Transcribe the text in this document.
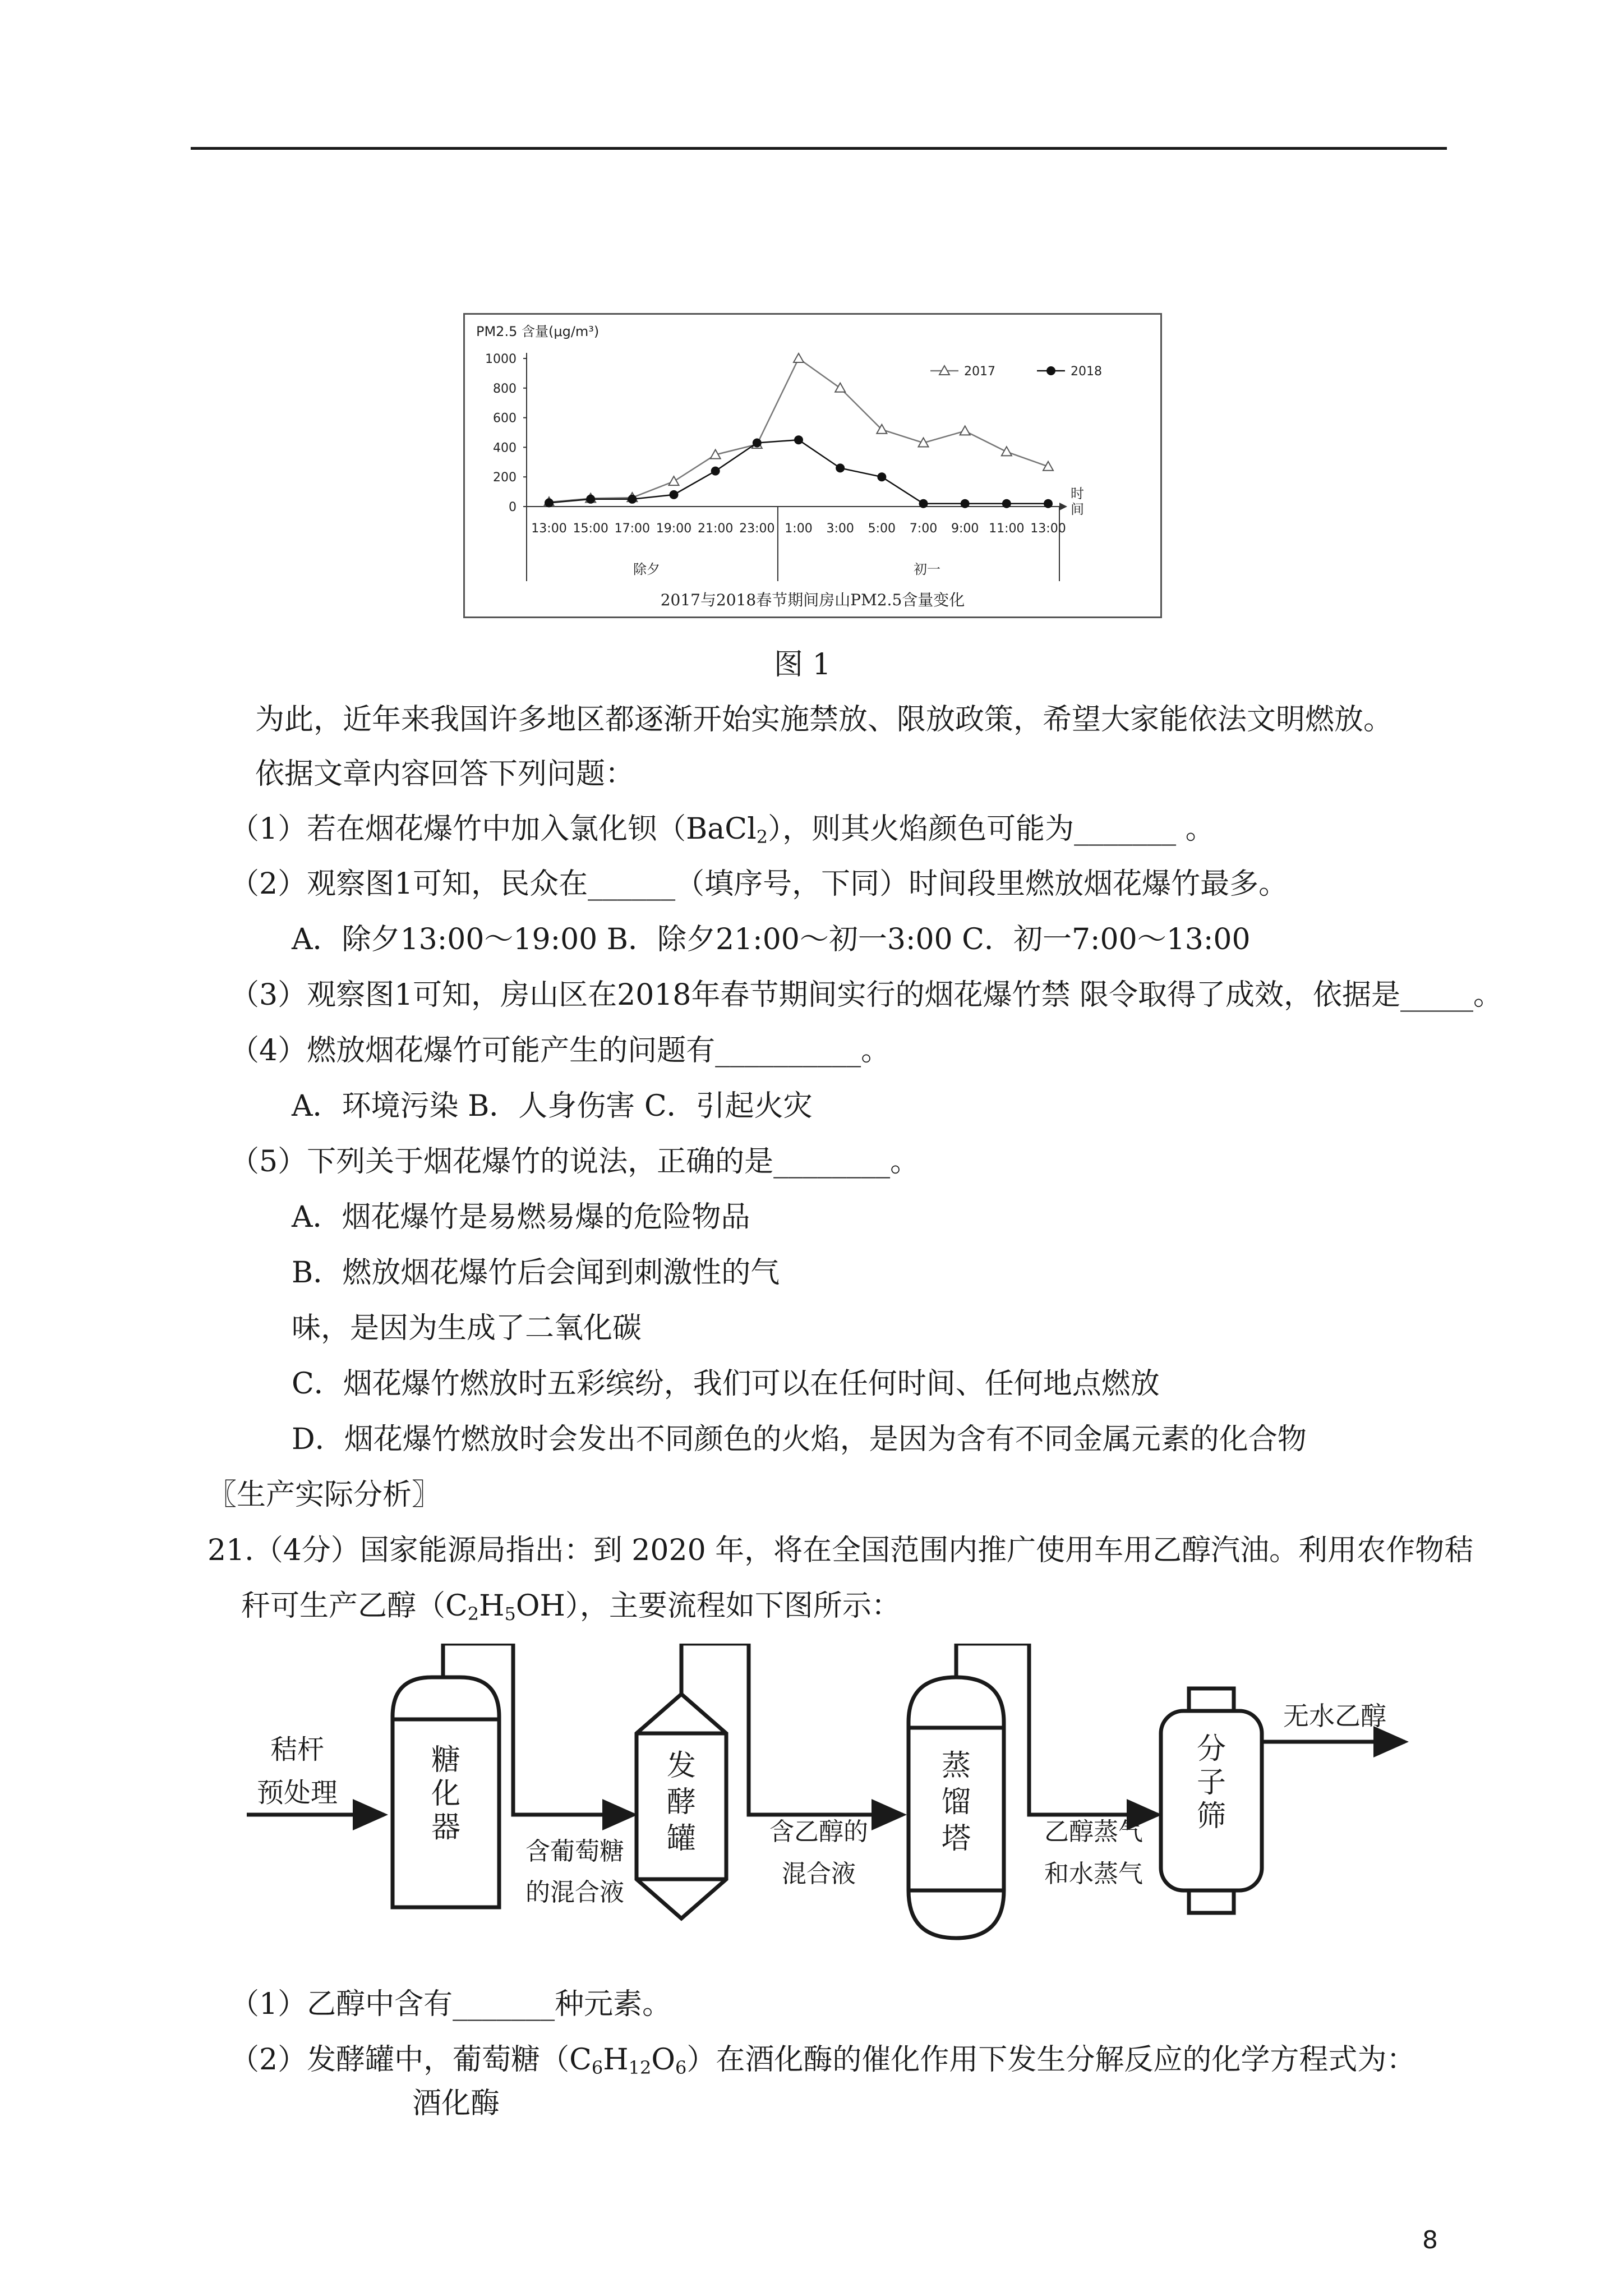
PM2.5 含量(μg/m³)
2017	2018
时
间
0
200
400
600
800
1000
13:00 15:00 17:00 19:00 21:00 23:00 1:00 3:00 5:00 7:00 9:00 11:00 13:00
除夕	初一
2017与2018春节期间房山PM2.5含量变化
图 1
为此，近年来我国许多地区都逐渐开始实施禁放、限放政策，希望大家能依法文明燃放。
依据文章内容回答下列问题：
（1）若在烟花爆竹中加入氯化钡（BaCl$_2$），则其火焰颜色可能为_______ 。
（2）观察图1可知，民众在______（填序号，下同）时间段里燃放烟花爆竹最多。
A．除夕13:00～19:00 B．除夕21:00～初一3:00 C．初一7:00～13:00
（3）观察图1可知，房山区在2018年春节期间实行的烟花爆竹禁 限令取得了成效，依据是_____。
（4）燃放烟花爆竹可能产生的问题有__________。
A．环境污染 B．人身伤害 C．引起火灾
（5）下列关于烟花爆竹的说法，正确的是________。
A．烟花爆竹是易燃易爆的危险物品
B．燃放烟花爆竹后会闻到刺激性的气
味，是因为生成了二氧化碳
C．烟花爆竹燃放时五彩缤纷，我们可以在任何时间、任何地点燃放
D．烟花爆竹燃放时会发出不同颜色的火焰，是因为含有不同金属元素的化合物
〖生产实际分析〗
21.（4分）国家能源局指出：到 2020 年，将在全国范围内推广使用车用乙醇汽油。利用农作物秸
秆可生产乙醇$(C_2H_5OH)$，主要流程如下图所示：
秸杆
预处理
糖
化
器
含葡萄糖
的混合液
发
酵
罐	含乙醇的
混合液
蒸
馏
塔	乙醇蒸气
和水蒸气
分
子
筛
无水乙醇
（1）乙醇中含有_______种元素。
（2）发酵罐中，葡萄糖$(C_6H_{12}O_6)$在酒化酶的催化作用下发生分解反应的化学方程式为：
酒化酶
8
